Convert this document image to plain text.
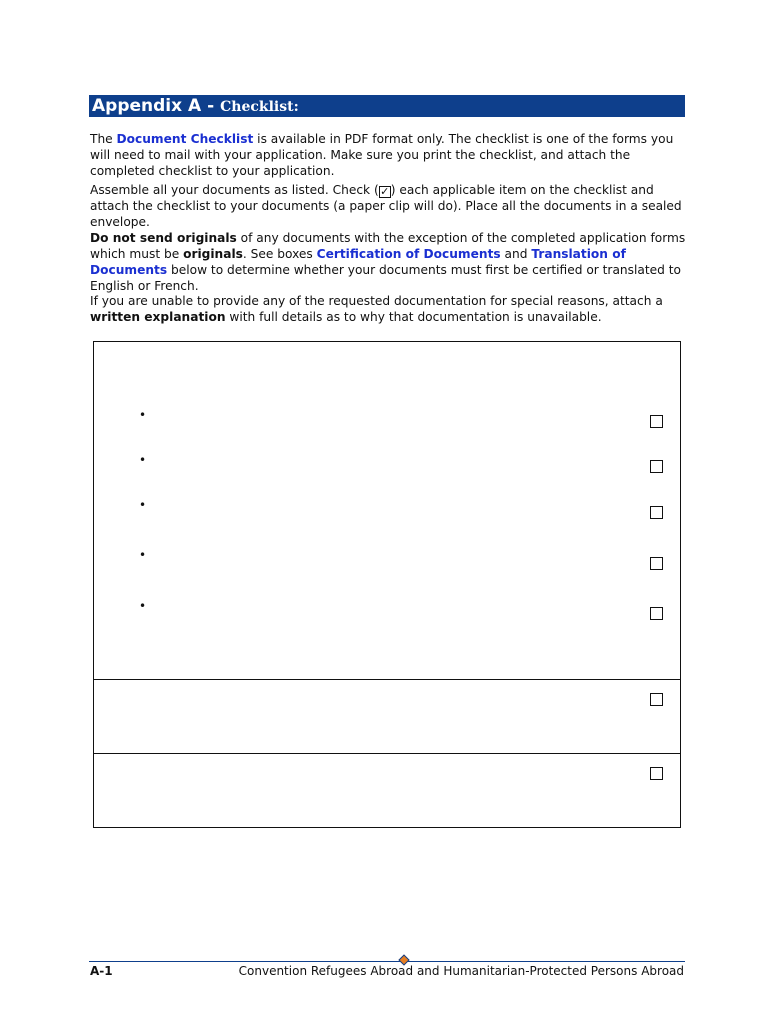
Appendix A - Checklist:

The Document Checklist is available in PDF format only. The checklist is one of the forms you will need to mail with your application. Make sure you print the checklist, and attach the completed checklist to your application.

Assemble all your documents as listed. Check (✓) each applicable item on the checklist and attach the checklist to your documents (a paper clip will do). Place all the documents in a sealed envelope.

Do not send originals of any documents with the exception of the completed application forms which must be originals. See boxes Certification of Documents and Translation of Documents below to determine whether your documents must first be certified or translated to English or French.

If you are unable to provide any of the requested documentation for special reasons, attach a written explanation with full details as to why that documentation is unavailable.

•
•
•
•
•
A-1	Convention Refugees Abroad and Humanitarian-Protected Persons Abroad
